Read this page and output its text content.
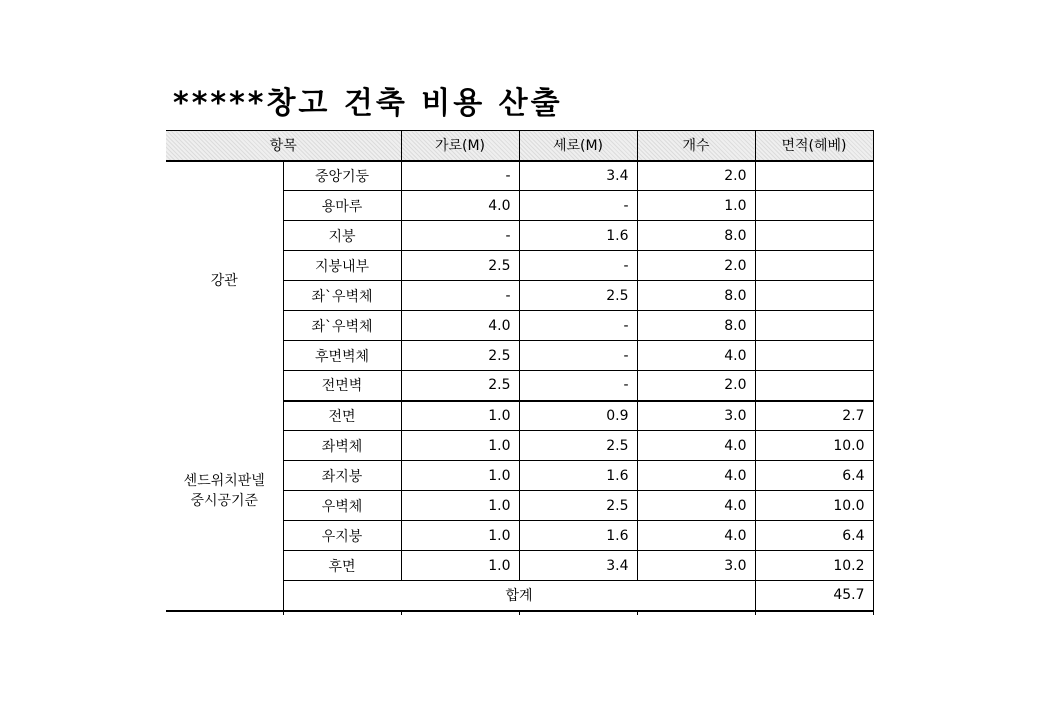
*****창고 건축 비용 산출
항목		가로(M)	세로(M)	개수	면적(헤베)
강관	중앙기둥	-	3.4	2.0	
	용마루	4.0	-	1.0	
	지붕	-	1.6	8.0	
	지붕내부	2.5	-	2.0	
	좌`우벽체	-	2.5	8.0	
	좌`우벽체	4.0	-	8.0	
	후면벽체	2.5	-	4.0	
	전면벽	2.5	-	2.0	

센드위치판넬
중시공기준	전면	1.0	0.9	3.0	2.7
	좌벽체	1.0	2.5	4.0	10.0
	좌지붕	1.0	1.6	4.0	6.4
	우벽체	1.0	2.5	4.0	10.0
	우지붕	1.0	1.6	4.0	6.4
	후면	1.0	3.4	3.0	10.2
	합계				45.7
